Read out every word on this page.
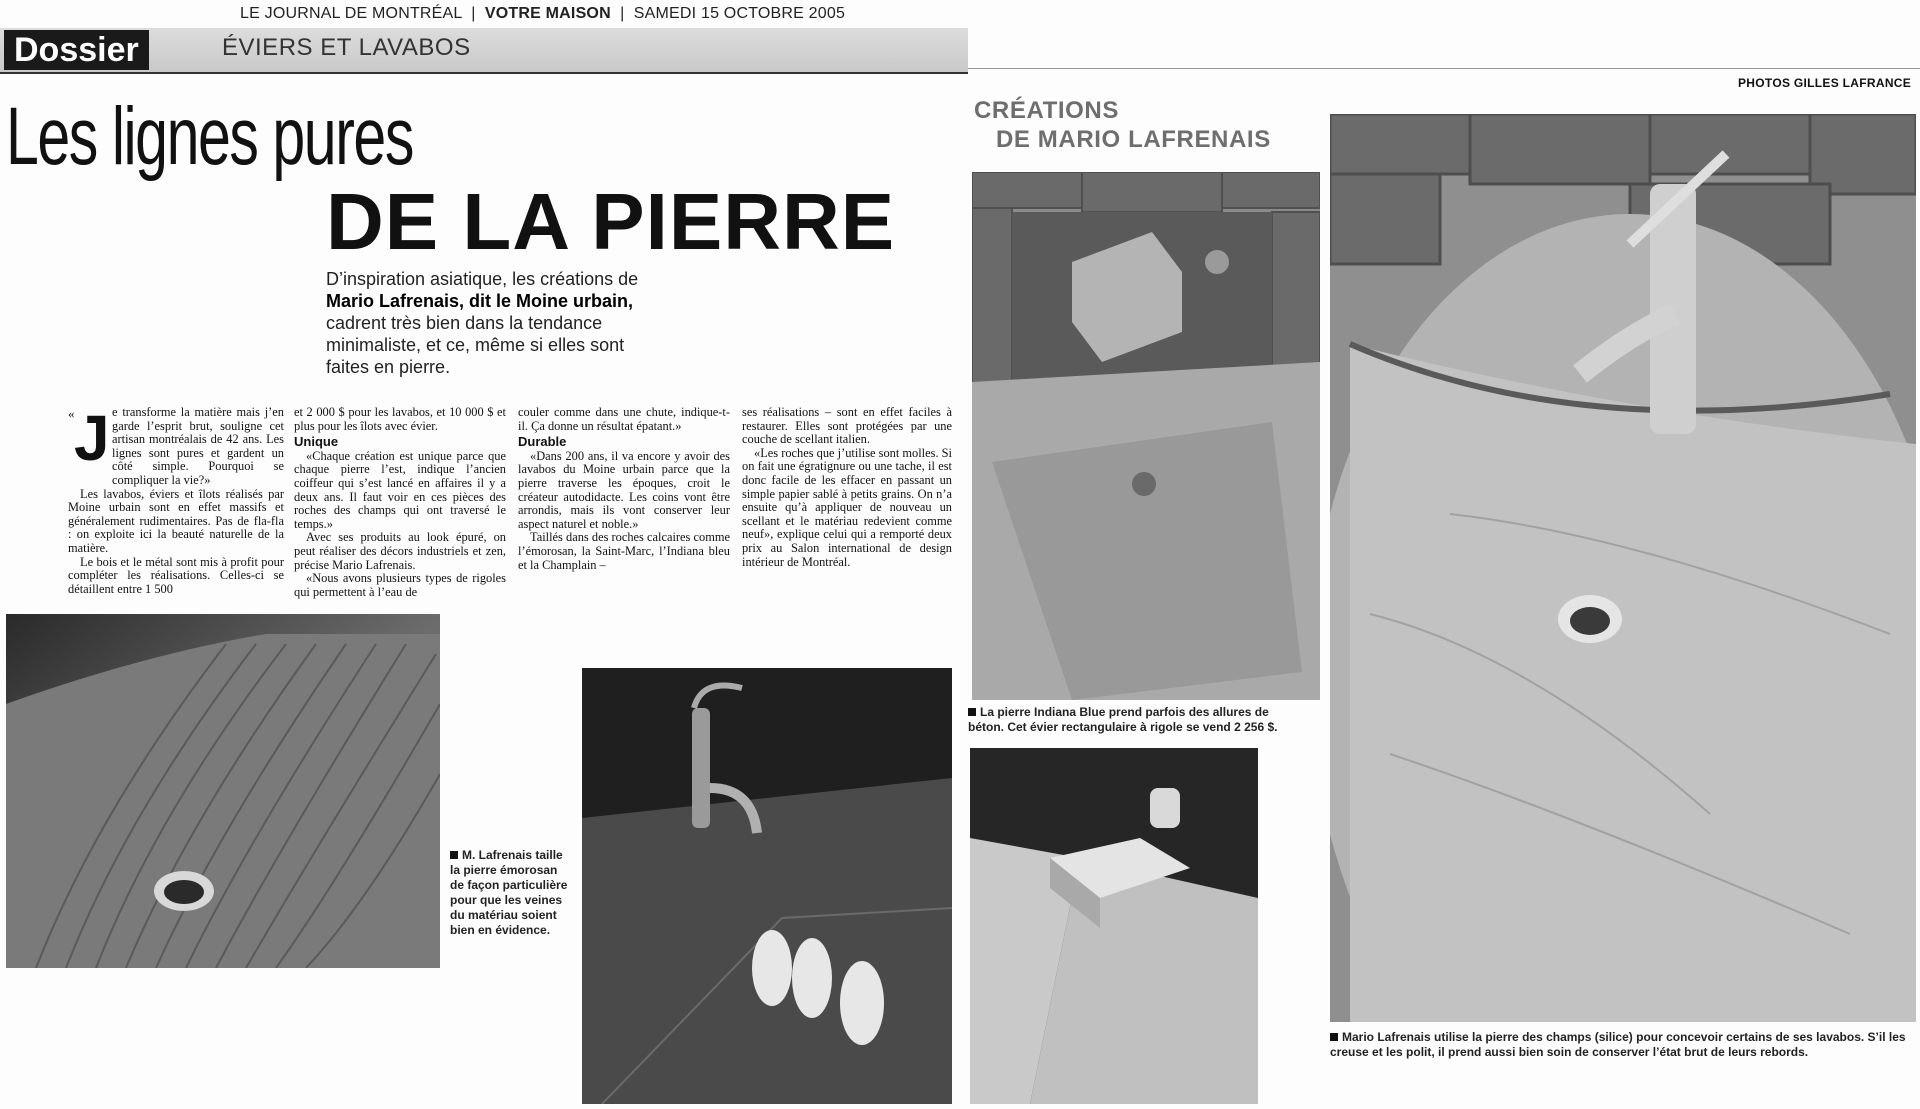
LE JOURNAL DE MONTRÉAL  |  VOTRE MAISON  |  SAMEDI 15 OCTOBRE 2005
Dossier	ÉVIERS ET LAVABOS
Les lignes pures
DE LA PIERRE
D’inspiration asiatique, les créations de Mario Lafrenais, dit le Moine urbain, cadrent très bien dans la tendance minimaliste, et ce, même si elles sont faites en pierre.
« J e transforme la matière mais j’en garde l’esprit brut, souligne cet artisan montréalais de 42 ans. Les lignes sont pures et gardent un côté simple. Pourquoi se compliquer la vie?»

Les lavabos, éviers et îlots réalisés par Moine urbain sont en effet massifs et généralement rudimentaires. Pas de fla-fla : on exploite ici la beauté naturelle de la matière.

Le bois et le métal sont mis à profit pour compléter les réalisations. Celles-ci se détaillent entre 1 500

et 2 000 $ pour les lavabos, et 10 000 $ et plus pour les îlots avec évier.

Unique

«Chaque création est unique parce que chaque pierre l’est, indique l’ancien coiffeur qui s’est lancé en affaires il y a deux ans. Il faut voir en ces pièces des roches des champs qui ont traversé le temps.»

Avec ses produits au look épuré, on peut réaliser des décors industriels et zen, précise Mario Lafrenais.

«Nous avons plusieurs types de rigoles qui permettent à l’eau de

couler comme dans une chute, indique-t-il. Ça donne un résultat épatant.»

Durable

«Dans 200 ans, il va encore y avoir des lavabos du Moine urbain parce que la pierre traverse les époques, croit le créateur autodidacte. Les coins vont être arrondis, mais ils vont conserver leur aspect naturel et noble.»

Taillés dans des roches calcaires comme l’émorosan, la Saint-Marc, l’Indiana bleu et la Champlain –

ses réalisations – sont en effet faciles à restaurer. Elles sont protégées par une couche de scellant italien.

«Les roches que j’utilise sont molles. Si on fait une égratignure ou une tache, il est donc facile de les effacer en passant un simple papier sablé à petits grains. On n’a ensuite qu’à appliquer de nouveau un scellant et le matériau redevient comme neuf», explique celui qui a remporté deux prix au Salon international de design intérieur de Montréal.

M. Lafrenais taille la pierre émorosan de façon particulière pour que les veines du matériau soient bien en évidence.
PHOTOS GILLES LAFRANCE
CRÉATIONS
DE MARIO LAFRENAIS
La pierre Indiana Blue prend parfois des allures de béton. Cet évier rectangulaire à rigole se vend 2 256 $.
Mario Lafrenais utilise la pierre des champs (silice) pour concevoir certains de ses lavabos. S’il les creuse et les polit, il prend aussi bien soin de conserver l’état brut de leurs rebords.
